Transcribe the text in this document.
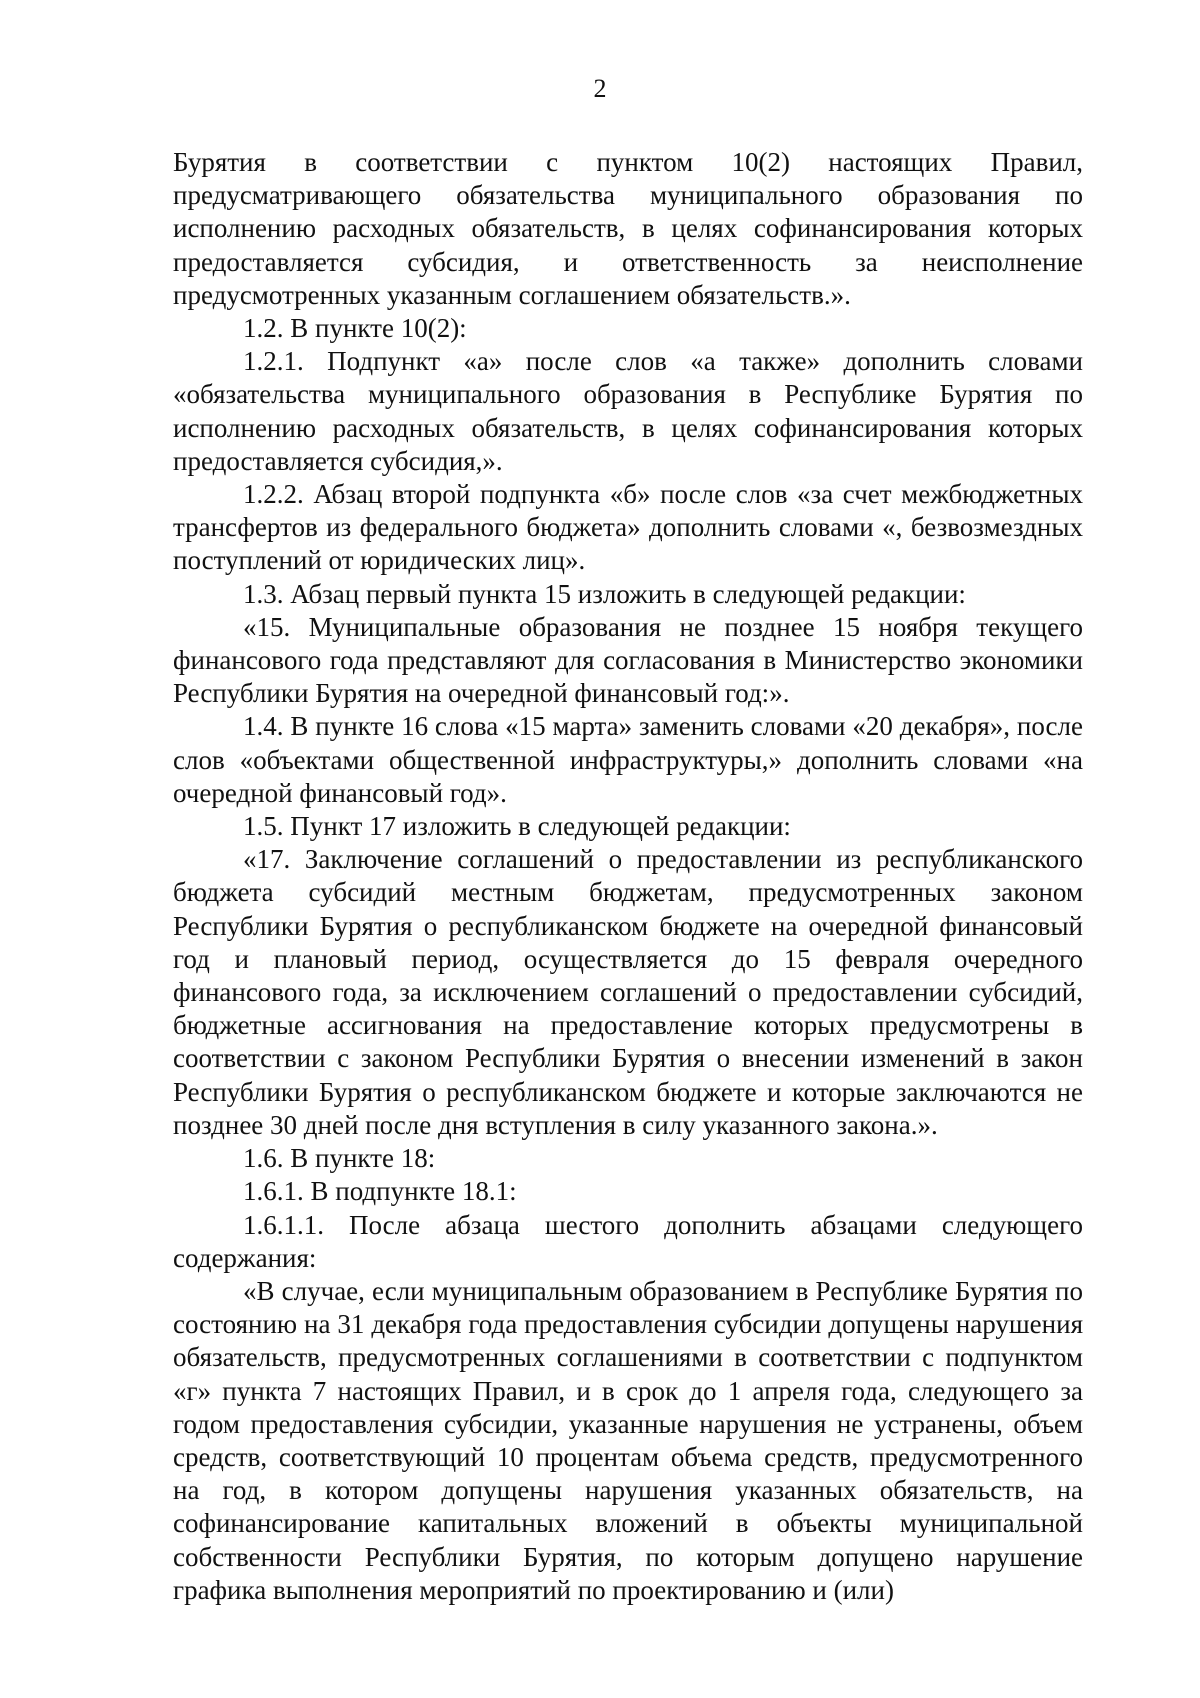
2

Бурятия в соответствии с пунктом 10(2) настоящих Правил, предусматривающего обязательства муниципального образования по исполнению расходных обязательств, в целях софинансирования которых предоставляется субсидия, и ответственность за неисполнение предусмотренных указанным соглашением обязательств.».

1.2. В пункте 10(2):

1.2.1. Подпункт «а» после слов «а также» дополнить словами «обязательства муниципального образования в Республике Бурятия по исполнению расходных обязательств, в целях софинансирования которых предоставляется субсидия,».

1.2.2. Абзац второй подпункта «б» после слов «за счет межбюджетных трансфертов из федерального бюджета» дополнить словами «, безвозмездных поступлений от юридических лиц».

1.3. Абзац первый пункта 15 изложить в следующей редакции:

«15. Муниципальные образования не позднее 15 ноября текущего финансового года представляют для согласования в Министерство экономики Республики Бурятия на очередной финансовый год:».

1.4. В пункте 16 слова «15 марта» заменить словами «20 декабря», после слов «объектами общественной инфраструктуры,» дополнить словами «на очередной финансовый год».

1.5. Пункт 17 изложить в следующей редакции:

«17. Заключение соглашений о предоставлении из республиканского бюджета субсидий местным бюджетам, предусмотренных законом Республики Бурятия о республиканском бюджете на очередной финансовый год и плановый период, осуществляется до 15 февраля очередного финансового года, за исключением соглашений о предоставлении субсидий, бюджетные ассигнования на предоставление которых предусмотрены в соответствии с законом Республики Бурятия о внесении изменений в закон Республики Бурятия о республиканском бюджете и которые заключаются не позднее 30 дней после дня вступления в силу указанного закона.».

1.6. В пункте 18:

1.6.1. В подпункте 18.1:

1.6.1.1. После абзаца шестого дополнить абзацами следующего содержания:

«В случае, если муниципальным образованием в Республике Бурятия по состоянию на 31 декабря года предоставления субсидии допущены нарушения обязательств, предусмотренных соглашениями в соответствии с подпунктом «г» пункта 7 настоящих Правил, и в срок до 1 апреля года, следующего за годом предоставления субсидии, указанные нарушения не устранены, объем средств, соответствующий 10 процентам объема средств, предусмотренного на год, в котором допущены нарушения указанных обязательств, на софинансирование капитальных вложений в объекты муниципальной собственности Республики Бурятия, по которым допущено нарушение графика выполнения мероприятий по проектированию и (или)
